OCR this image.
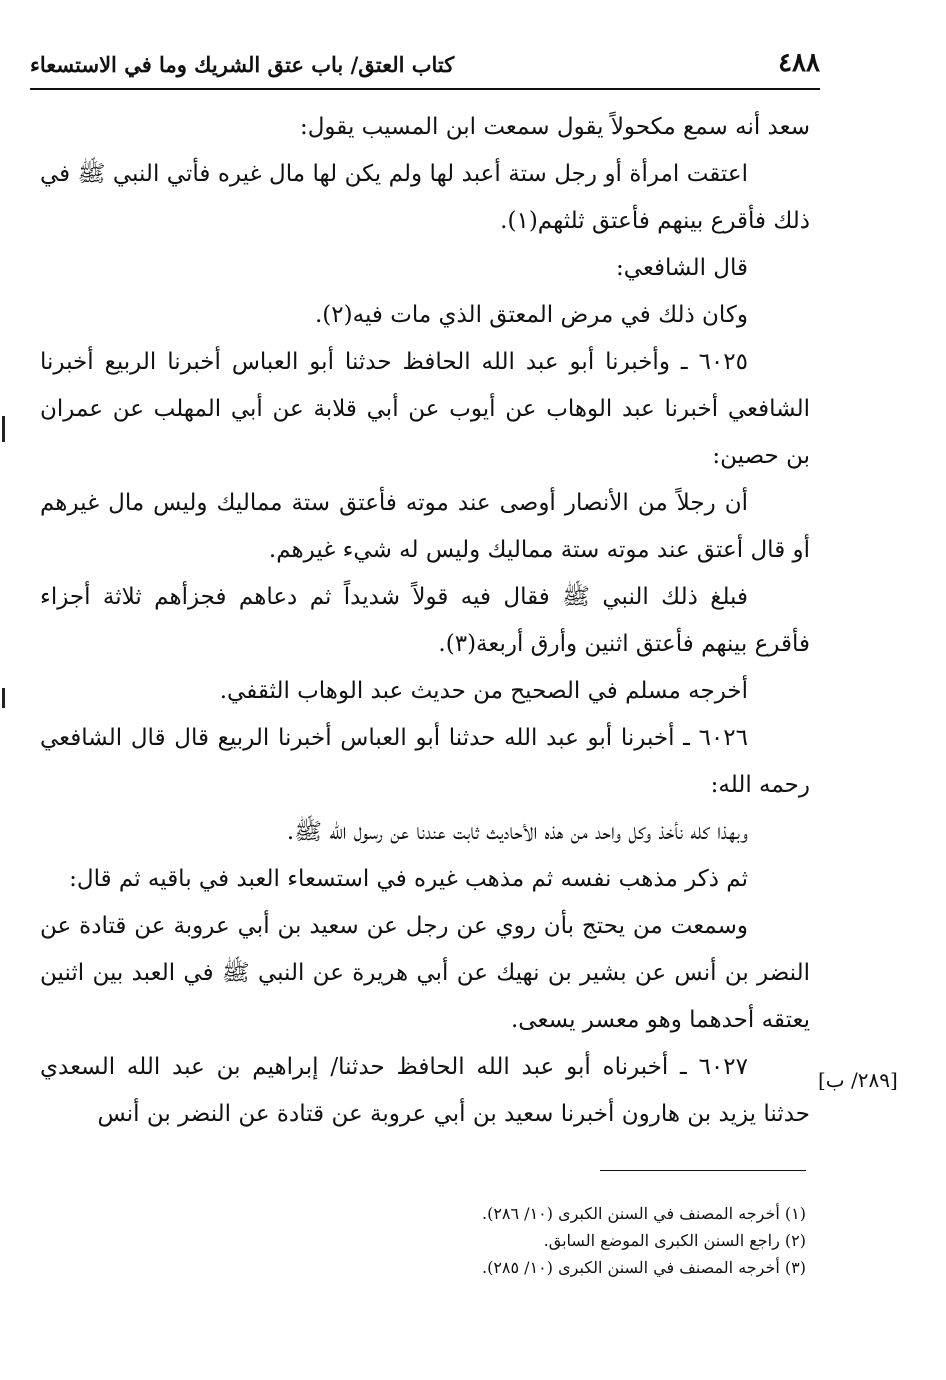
٤٨٨
كتاب العتق/ باب عتق الشريك وما في الاستسعاء

سعد أنه سمع مكحولاً يقول سمعت ابن المسيب يقول:

اعتقت امرأة أو رجل ستة أعبد لها ولم يكن لها مال غيره فأتي النبي ﷺ في ذلك فأقرع بينهم فأعتق ثلثهم(١).

قال الشافعي:

وكان ذلك في مرض المعتق الذي مات فيه(٢).

٦٠٢٥ ـ وأخبرنا أبو عبد الله الحافظ حدثنا أبو العباس أخبرنا الربيع أخبرنا الشافعي أخبرنا عبد الوهاب عن أيوب عن أبي قلابة عن أبي المهلب عن عمران بن حصين:

أن رجلاً من الأنصار أوصى عند موته فأعتق ستة مماليك وليس مال غيرهم أو قال أعتق عند موته ستة مماليك وليس له شيء غيرهم.

فبلغ ذلك النبي ﷺ فقال فيه قولاً شديداً ثم دعاهم فجزأهم ثلاثة أجزاء فأقرع بينهم فأعتق اثنين وأرق أربعة(٣).

أخرجه مسلم في الصحيح من حديث عبد الوهاب الثقفي.

٦٠٢٦ ـ أخبرنا أبو عبد الله حدثنا أبو العباس أخبرنا الربيع قال قال الشافعي رحمه الله:

وبهذا كله نأخذ وكل واحد من هذه الأحاديث ثابت عندنا عن رسول الله ﷺ.

ثم ذكر مذهب نفسه ثم مذهب غيره في استسعاء العبد في باقيه ثم قال:

وسمعت من يحتج بأن روي عن رجل عن سعيد بن أبي عروبة عن قتادة عن النضر بن أنس عن بشير بن نهيك عن أبي هريرة عن النبي ﷺ في العبد بين اثنين يعتقه أحدهما وهو معسر يسعى.

٦٠٢٧ ـ أخبرناه أبو عبد الله الحافظ حدثنا/ إبراهيم بن عبد الله السعدي حدثنا يزيد بن هارون أخبرنا سعيد بن أبي عروبة عن قتادة عن النضر بن أنس

[٢٨٩/ ب]
(١) أخرجه المصنف في السنن الكبرى (١٠/ ٢٨٦).
(٢) راجع السنن الكبرى الموضع السابق.
(٣) أخرجه المصنف في السنن الكبرى (١٠/ ٢٨٥).
